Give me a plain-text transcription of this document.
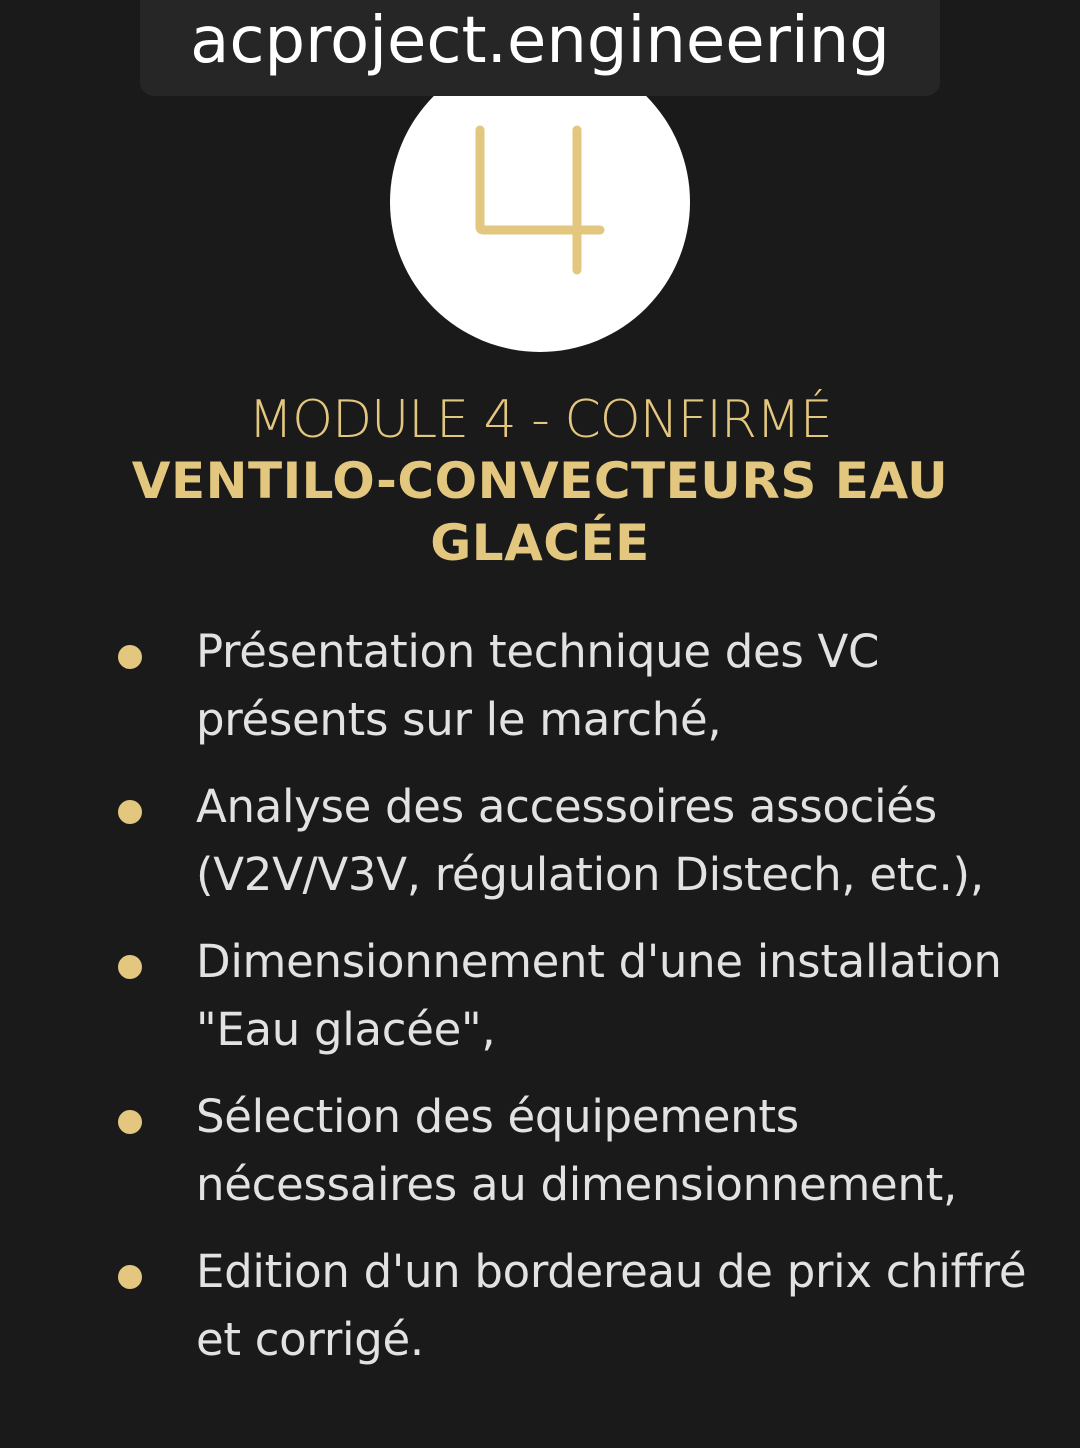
acproject.engineering
MODULE 4 - CONFIRMÉ
VENTILO-CONVECTEURS EAU GLACÉE
Présentation technique des VC présents sur le marché,
Analyse des accessoires associés (V2V/V3V, régulation Distech, etc.),
Dimensionnement d'une installation "Eau glacée",
Sélection des équipements nécessaires au dimensionnement,
Edition d'un bordereau de prix chiffré et corrigé.
